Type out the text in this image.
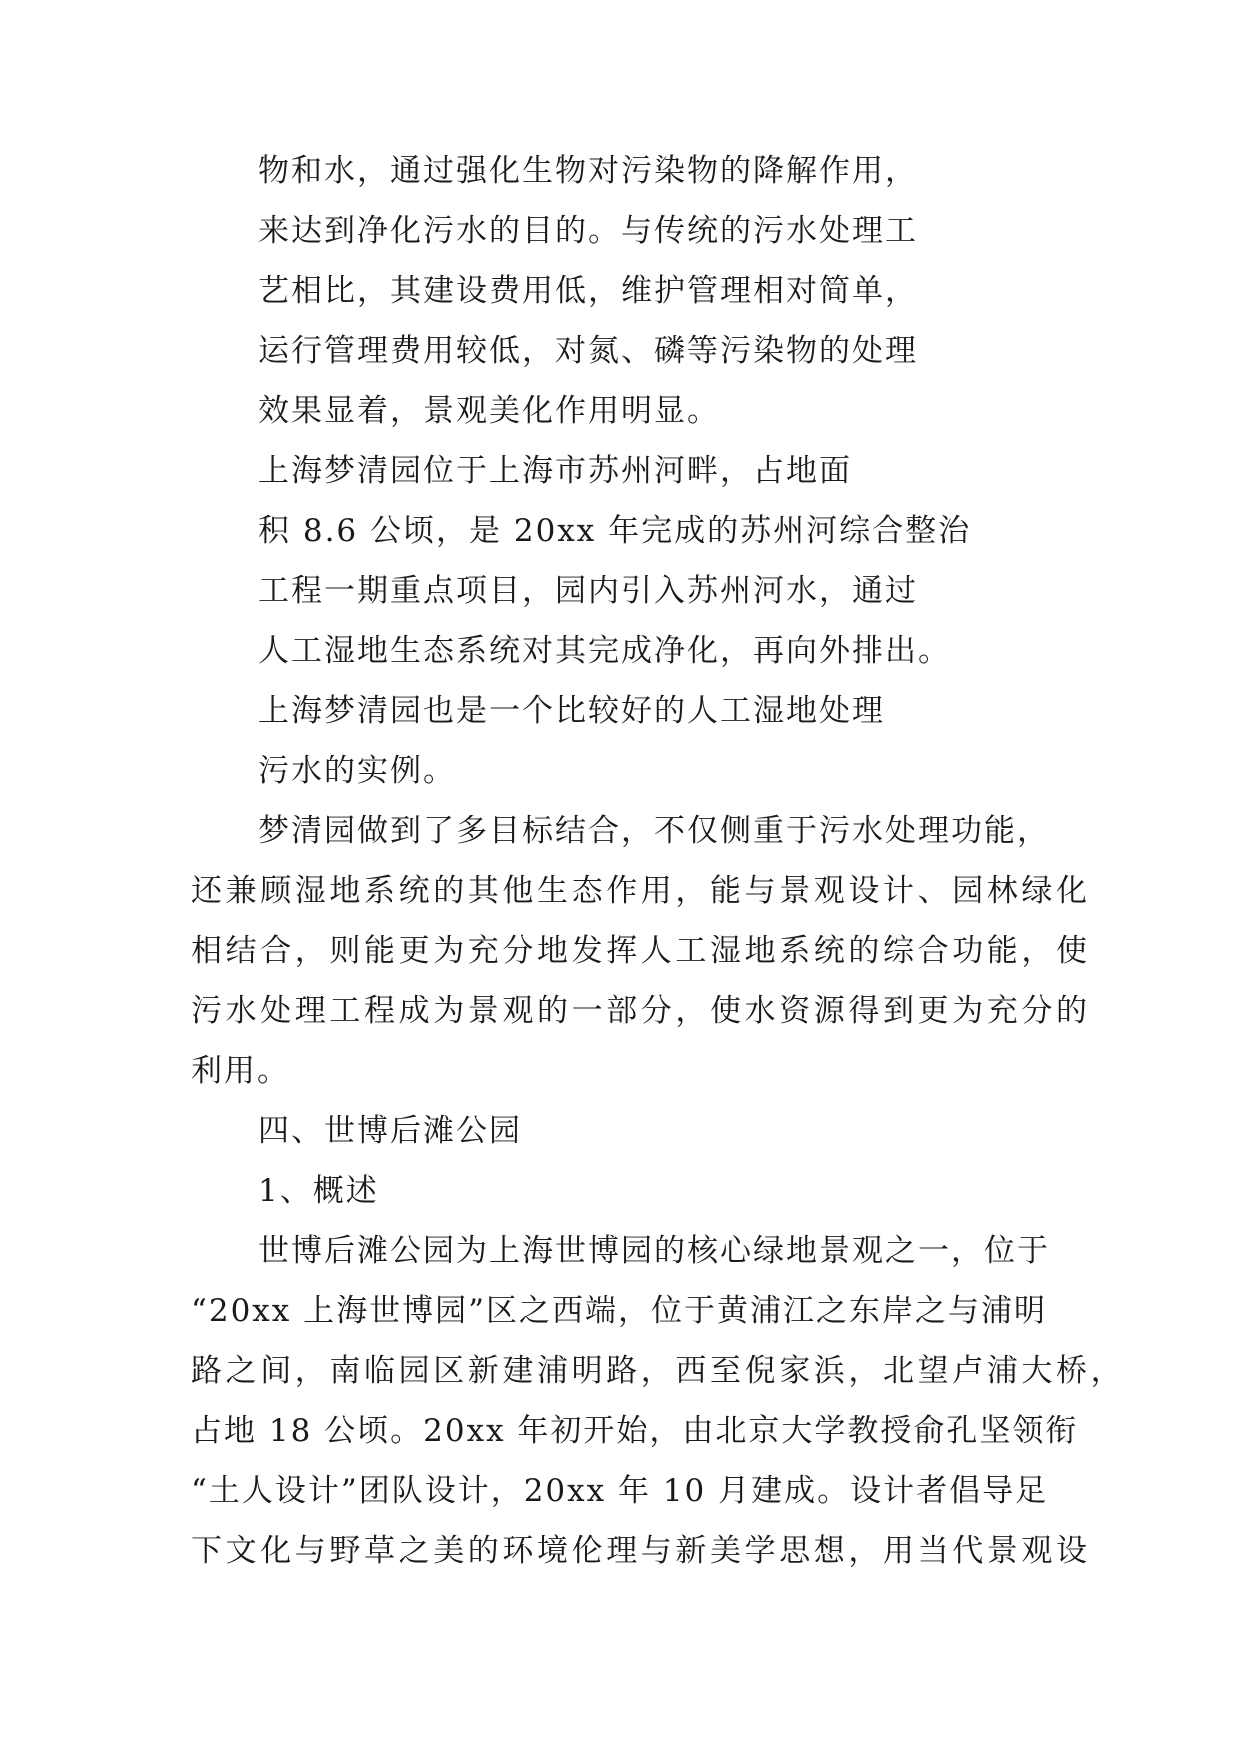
物和水，通过强化生物对污染物的降解作用，
来达到净化污水的目的。与传统的污水处理工
艺相比，其建设费用低，维护管理相对简单，
运行管理费用较低，对氮、磷等污染物的处理
效果显着，景观美化作用明显。
上海梦清园位于上海市苏州河畔，占地面
积 8.6 公顷，是 20xx 年完成的苏州河综合整治
工程一期重点项目，园内引入苏州河水，通过
人工湿地生态系统对其完成净化，再向外排出。
上海梦清园也是一个比较好的人工湿地处理
污水的实例。
梦清园做到了多目标结合，不仅侧重于污水处理功能，
还兼顾湿地系统的其他生态作用，能与景观设计、园林绿化
相结合，则能更为充分地发挥人工湿地系统的综合功能，使
污水处理工程成为景观的一部分，使水资源得到更为充分的
利用。
四、世博后滩公园
1、概述
世博后滩公园为上海世博园的核心绿地景观之一，位于
“20xx 上海世博园”区之西端，位于黄浦江之东岸之与浦明
路之间，南临园区新建浦明路，西至倪家浜，北望卢浦大桥，
占地 18 公顷。20xx 年初开始，由北京大学教授俞孔坚领衔
“土人设计”团队设计，20xx 年 10 月建成。设计者倡导足
下文化与野草之美的环境伦理与新美学思想，用当代景观设
